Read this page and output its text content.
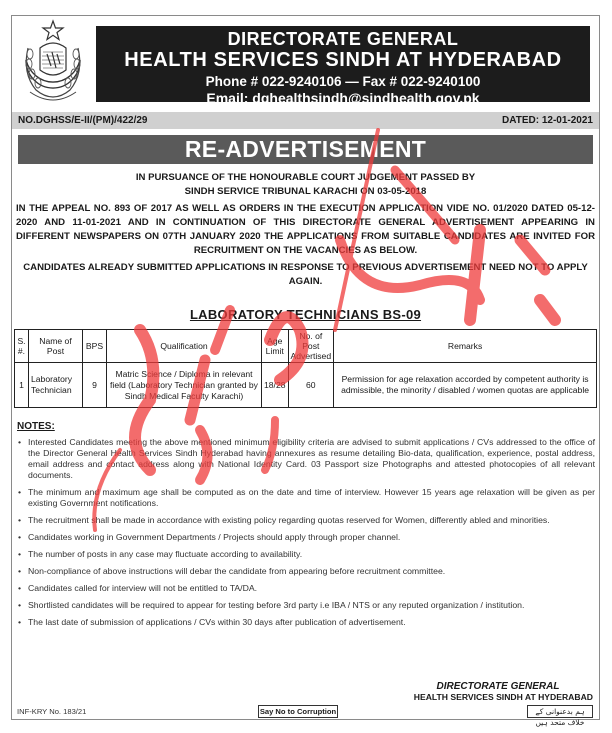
DIRECTORATE GENERAL
HEALTH SERVICES SINDH AT HYDERABAD
Phone # 022-9240106 — Fax # 022-9240100
Email: dghealthsindh@sindhealth.gov.pk
NO.DGHSS/E-II/(PM)/422/29	DATED: 12-01-2021
RE-ADVERTISEMENT

IN PURSUANCE OF THE HONOURABLE COURT JUDGEMENT PASSED BY

SINDH SERVICE TRIBUNAL KARACHI ON 03-05-2018

IN THE APPEAL NO. 893 OF 2017 AS WELL AS ORDERS IN THE EXECUTION APPLICATION VIDE NO. 01/2020 DATED 05-12-2020 AND 11-01-2021 AND IN CONTINUATION OF THIS DIRECTORATE GENERAL ADVERTISEMENT APPEARING IN DIFFERENT NEWSPAPERS ON 07TH JANUARY 2020 THE APPLICATIONS FROM SUITABLE CANDIDATES ARE INVITED FOR RECRUITMENT ON THE VACANCIES AS BELOW.

CANDIDATES ALREADY SUBMITTED APPLICATIONS IN RESPONSE TO PREVIOUS ADVERTISEMENT NEED NOT TO APPLY AGAIN.

LABORATORY TECHNICIANS BS-09
S. #.	Name of Post	BPS	Qualification	Age Limit	No. of Post Advertised	Remarks
1	Laboratory Technician	9	Matric Science / Diploma in relevant field (Laboratory Technician granted by Sindh Medical Faculty Karachi)	18/28	60	Permission for age relaxation accorded by competent authority is admissible, the minority / disabled / women quotas are applicable
NOTES:
• Interested Candidates meeting the above mentioned minimum eligibility criteria are advised to submit applications / CVs addressed to the office of the Director General Health Services Sindh Hyderabad having annexures as resume detailing Bio-data, qualification, experience, postal address, email address and contact address along with National Identity Card. 03 Passport size Photographs and attested photocopies of all relevant documents.
• The minimum and maximum age shall be computed as on the date and time of interview. However 15 years age relaxation will be given as per existing Government notifications.
• The recruitment shall be made in accordance with existing policy regarding quotas reserved for Women, differently abled and minorities.
• Candidates working in Government Departments / Projects should apply through proper channel.
• The number of posts in any case may fluctuate according to availability.
• Non-compliance of above instructions will debar the candidate from appearing before recruitment committee.
• Candidates called for interview will not be entitled to TA/DA.
• Shortlisted candidates will be required to appear for testing before 3rd party i.e IBA / NTS or any reputed organization / institution.
• The last date of submission of applications / CVs within 30 days after publication of advertisement.
DIRECTORATE GENERAL
HEALTH SERVICES SINDH AT HYDERABAD
INF-KRY No. 183/21	Say No to Corruption	ہم بدعنوانی کے خلاف متحد ہیں
